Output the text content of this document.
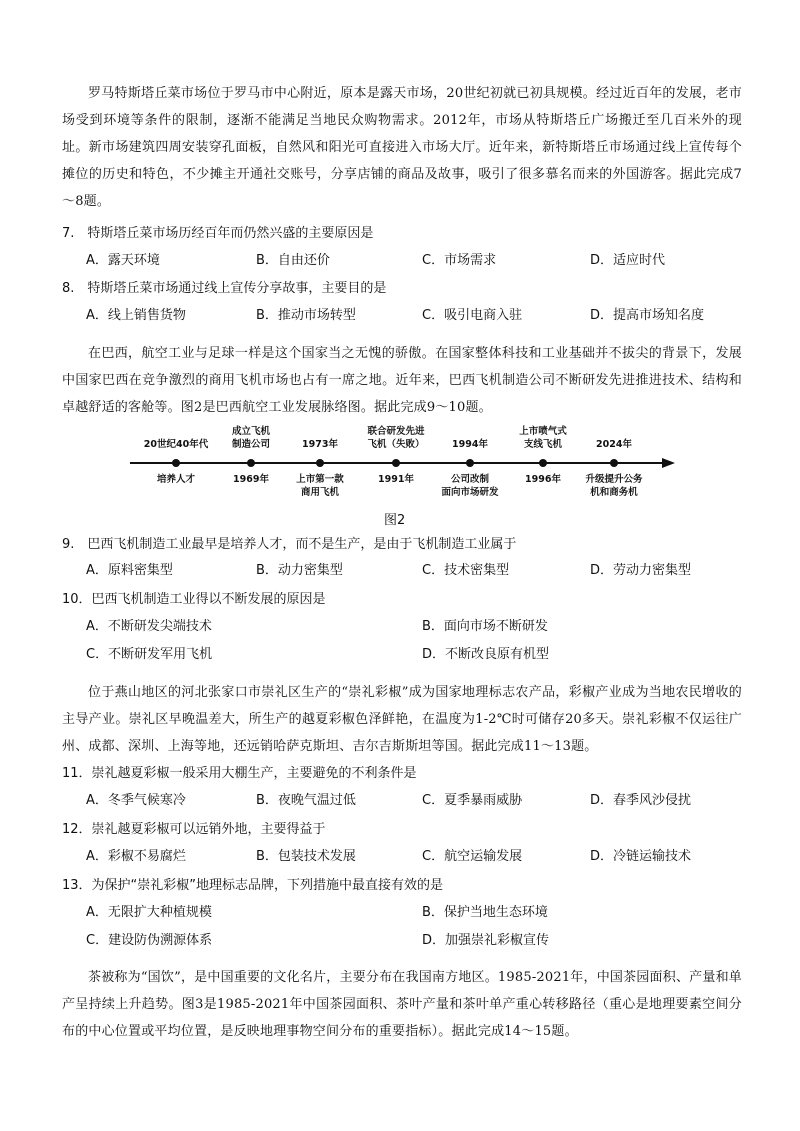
罗马特斯塔丘菜市场位于罗马市中心附近，原本是露天市场，20世纪初就已初具规模。经过近百年的发展，老市场受到环境等条件的限制，逐渐不能满足当地民众购物需求。2012年，市场从特斯塔丘广场搬迁至几百米外的现址。新市场建筑四周安装穿孔面板，自然风和阳光可直接进入市场大厅。近年来，新特斯塔丘市场通过线上宣传每个摊位的历史和特色，不少摊主开通社交账号，分享店铺的商品及故事，吸引了很多慕名而来的外国游客。据此完成7～8题。

7.　特斯塔丘菜市场历经百年而仍然兴盛的主要原因是
A．露天环境	B．自由还价	C．市场需求	D．适应时代
8.　特斯塔丘菜市场通过线上宣传分享故事，主要目的是
A．线上销售货物	B．推动市场转型	C．吸引电商入驻	D．提高市场知名度

在巴西，航空工业与足球一样是这个国家当之无愧的骄傲。在国家整体科技和工业基础并不拔尖的背景下，发展中国家巴西在竞争激烈的商用飞机市场也占有一席之地。近年来，巴西飞机制造公司不断研发先进推进技术、结构和卓越舒适的客舱等。图2是巴西航空工业发展脉络图。据此完成9～10题。

20世纪40年代
培养人才
成立飞机
制造公司
1969年
1973年
上市第一款
商用飞机
联合研发先进
飞机（失败）
1991年
1994年
公司改制
面向市场研发
上市喷气式
支线飞机
1996年
2024年
升级提升公务
机和商务机
图2
9.　巴西飞机制造工业最早是培养人才，而不是生产，是由于飞机制造工业属于
A．原料密集型	B．动力密集型	C．技术密集型	D．劳动力密集型
10．巴西飞机制造工业得以不断发展的原因是
A．不断研发尖端技术	B．面向市场不断研发
C．不断研发军用飞机	D．不断改良原有机型

位于燕山地区的河北张家口市崇礼区生产的“崇礼彩椒”成为国家地理标志农产品，彩椒产业成为当地农民增收的主导产业。崇礼区早晚温差大，所生产的越夏彩椒色泽鲜艳，在温度为1-2℃时可储存20多天。崇礼彩椒不仅运往广州、成都、深圳、上海等地，还远销哈萨克斯坦、吉尔吉斯斯坦等国。据此完成11～13题。

11．崇礼越夏彩椒一般采用大棚生产，主要避免的不利条件是
A．冬季气候寒冷	B．夜晚气温过低	C．夏季暴雨威胁	D．春季风沙侵扰
12．崇礼越夏彩椒可以远销外地，主要得益于
A．彩椒不易腐烂	B．包装技术发展	C．航空运输发展	D．冷链运输技术
13．为保护“崇礼彩椒”地理标志品牌，下列措施中最直接有效的是
A．无限扩大种植规模	B．保护当地生态环境
C．建设防伪溯源体系	D．加强崇礼彩椒宣传

茶被称为“国饮”，是中国重要的文化名片，主要分布在我国南方地区。1985-2021年，中国茶园面积、产量和单产呈持续上升趋势。图3是1985-2021年中国茶园面积、茶叶产量和茶叶单产重心转移路径（重心是地理要素空间分布的中心位置或平均位置，是反映地理事物空间分布的重要指标）。据此完成14～15题。
